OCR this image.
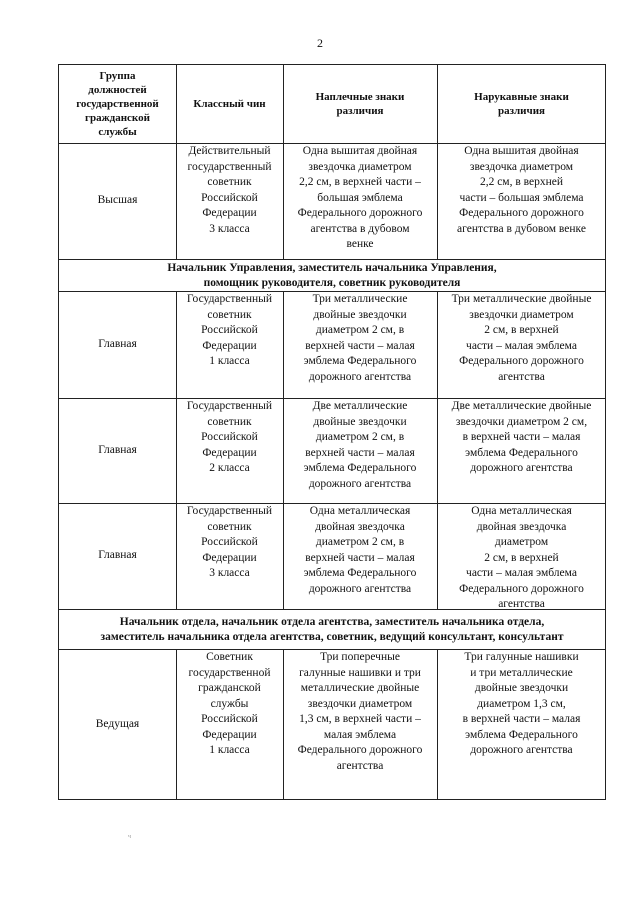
2
Группа
должностей
государственной
гражданской
службы
Классный чин
Наплечные знаки
различия
Нарукавные знаки
различия
Высшая
Действительный
государственный
советник
Российской
Федерации
3 класса
Одна вышитая двойная
звездочка диаметром
2,2 см, в верхней части –
большая эмблема
Федерального дорожного
агентства в дубовом
венке
Одна вышитая двойная
звездочка диаметром
2,2 см, в верхней
части – большая эмблема
Федерального дорожного
агентства в дубовом венке
Начальник Управления, заместитель начальника Управления,
помощник руководителя, советник руководителя
Главная
Государственный
советник
Российской
Федерации
1 класса
Три металлические
двойные звездочки
диаметром 2 см, в
верхней части – малая
эмблема Федерального
дорожного агентства
Три металлические двойные
звездочки диаметром
2 см, в верхней
части – малая эмблема
Федерального дорожного
агентства
Главная
Государственный
советник
Российской
Федерации
2 класса
Две металлические
двойные звездочки
диаметром 2 см, в
верхней части – малая
эмблема Федерального
дорожного агентства
Две металлические двойные
звездочки диаметром 2 см,
в верхней части – малая
эмблема Федерального
дорожного агентства
Главная
Государственный
советник
Российской
Федерации
3 класса
Одна металлическая
двойная звездочка
диаметром 2 см, в
верхней части – малая
эмблема Федерального
дорожного агентства
Одна металлическая
двойная звездочка
диаметром
2 см, в верхней
части – малая эмблема
Федерального дорожного
агентства
Начальник отдела, начальник отдела агентства, заместитель начальника отдела,
заместитель начальника отдела агентства, советник, ведущий консультант, консультант
Ведущая
Советник
государственной
гражданской
службы
Российской
Федерации
1 класса
Три поперечные
галунные нашивки и три
металлические двойные
звездочки диаметром
1,3 см, в верхней части –
малая эмблема
Федерального дорожного
агентства
Три галунные нашивки
и три металлические
двойные звездочки
диаметром 1,3 см,
в верхней части – малая
эмблема Федерального
дорожного агентства
ч
